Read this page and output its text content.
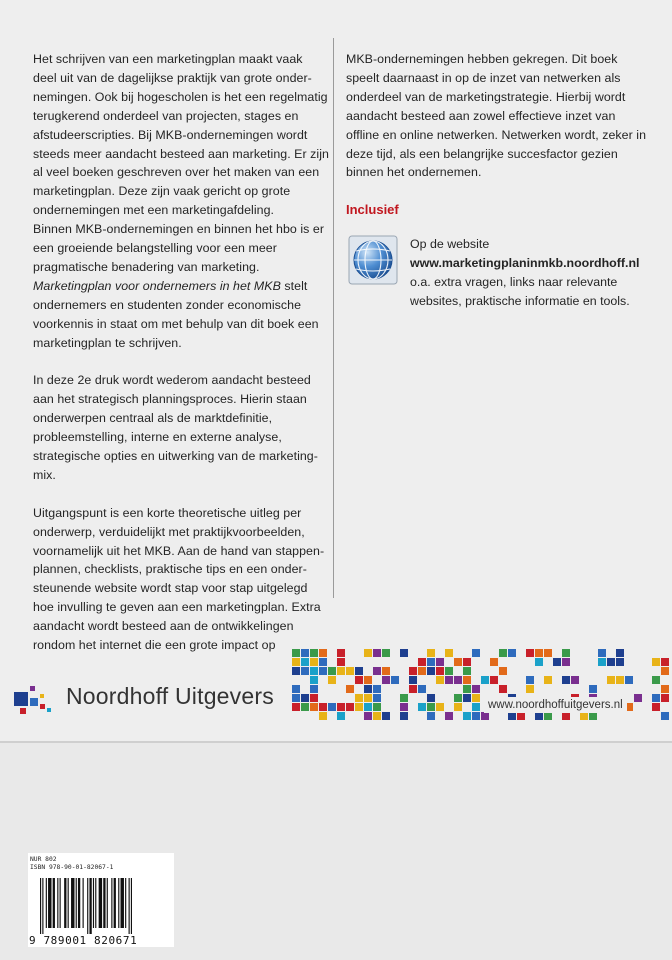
Het schrijven van een marketingplan maakt vaak deel uit van de dagelijkse praktijk van grote ondernemingen. Ook bij hogescholen is het een regelmatig terugkerend onderdeel van projecten, stages en afstudeerscripties. Bij MKB-ondernemingen wordt steeds meer aandacht besteed aan marketing. Er zijn al veel boeken geschreven over het maken van een marketingplan. Deze zijn vaak gericht op grote ondernemingen met een marketingafdeling.

Binnen MKB-ondernemingen en binnen het hbo is er een groeiende belangstelling voor een meer pragmatische benadering van marketing. Marketingplan voor ondernemers in het MKB stelt ondernemers en studenten zonder economische voorkennis in staat om met behulp van dit boek een marketingplan te schrijven.

In deze 2e druk wordt wederom aandacht besteed aan het strategisch planningsproces. Hierin staan onderwerpen centraal als de marktdefinitie, probleemstelling, interne en externe analyse, strategische opties en uitwerking van de marketingmix.

Uitgangspunt is een korte theoretische uitleg per onderwerp, verduidelijkt met praktijkvoorbeelden, voornamelijk uit het MKB. Aan de hand van stappenplannen, checklists, praktische tips en een ondersteunende website wordt stap voor stap uitgelegd hoe invulling te geven aan een marketingplan. Extra aandacht wordt besteed aan de ontwikkelingen rondom het internet die een grote impact op

MKB-ondernemingen hebben gekregen. Dit boek speelt daarnaast in op de inzet van netwerken als onderdeel van de marketingstrategie. Hierbij wordt aandacht besteed aan zowel effectieve inzet van offline en online netwerken. Netwerken wordt, zeker in deze tijd, als een belangrijke succesfactor gezien binnen het ondernemen.

Inclusief
Op de website
www.marketingplaninmkb.noordhoff.nl
o.a. extra vragen, links naar relevante websites, praktische informatie en tools.
Noordhoff Uitgevers	www.noordhoffuitgevers.nl
NUR 802
ISBN 978-90-01-82067-1
9 789001 820671
